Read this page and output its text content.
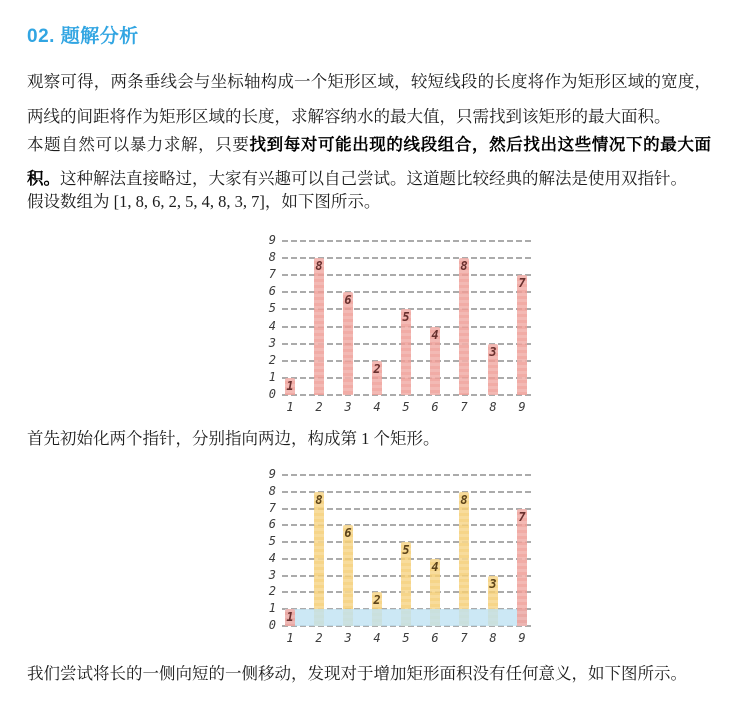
02. 题解分析

观察可得，两条垂线会与坐标轴构成一个矩形区域，较短线段的长度将作为矩形区域的宽度，两线的间距将作为矩形区域的长度，求解容纳水的最大值，只需找到该矩形的最大面积。

本题自然可以暴力求解，只要找到每对可能出现的线段组合，然后找出这些情况下的最大面积。这种解法直接略过，大家有兴趣可以自己尝试。这道题比较经典的解法是使用双指针。

假设数组为 [1, 8, 6, 2, 5, 4, 8, 3, 7]，如下图所示。

0
1
2
3
4
5
6
7
8
9
1
1
8
2
6
3
2
4
5
5
4
6
8
7
3
8
7
9

首先初始化两个指针，分别指向两边，构成第 1 个矩形。

0
1
2
3
4
5
6
7
8
9
1
1
8
2
6
3
2
4
5
5
4
6
8
7
3
8
7
9

我们尝试将长的一侧向短的一侧移动，发现对于增加矩形面积没有任何意义，如下图所示。
